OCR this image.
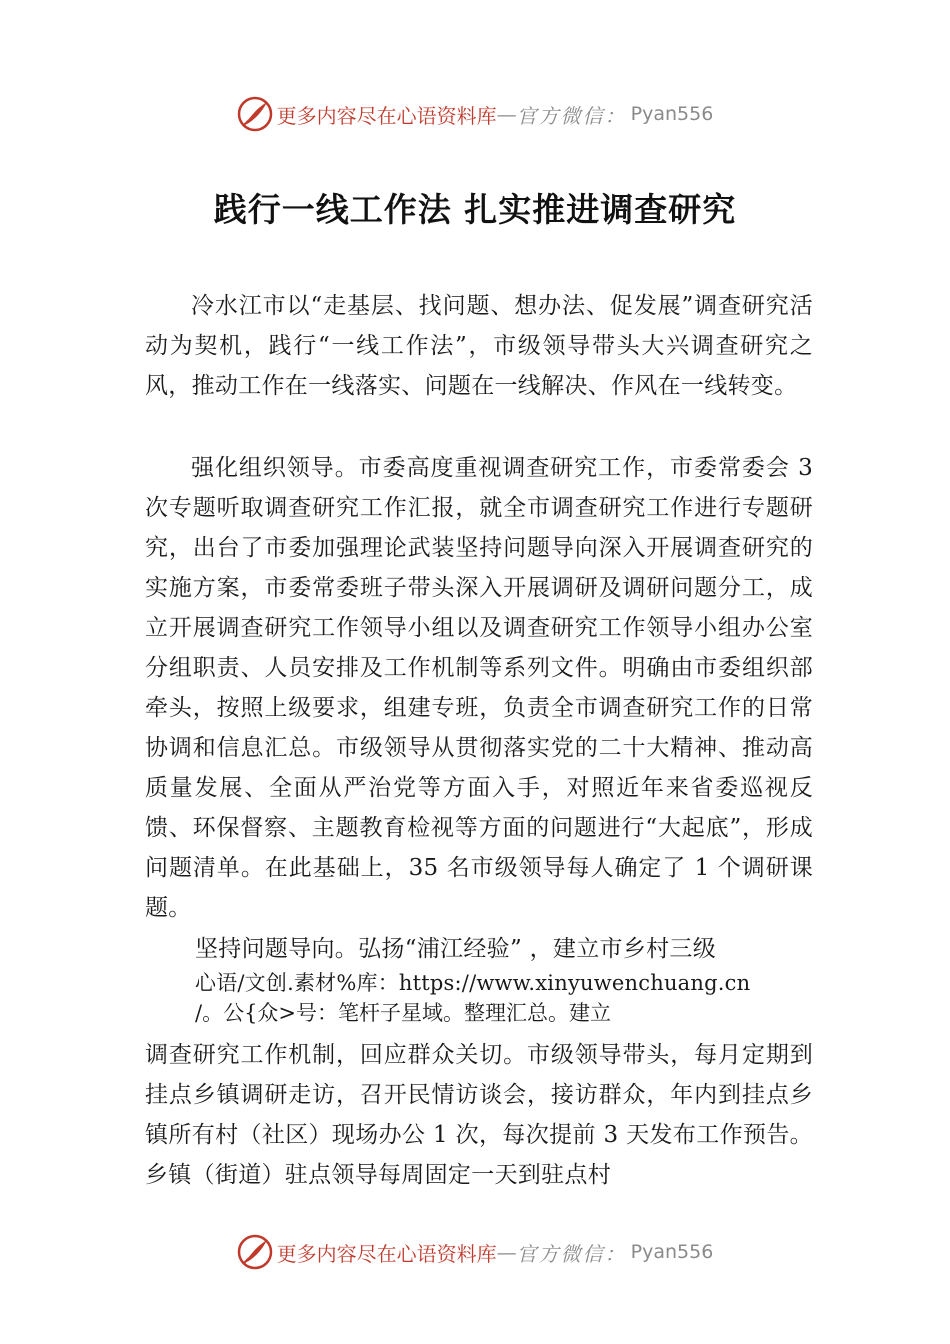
更多内容尽在心语资料库 — 官方微信： Pyan556
践行一线工作法 扎实推进调查研究

冷水江市以“走基层、找问题、想办法、促发展”调查研究活动为契机，践行“一线工作法”，市级领导带头大兴调查研究之风，推动工作在一线落实、问题在一线解决、作风在一线转变。

强化组织领导。市委高度重视调查研究工作，市委常委会 3 次专题听取调查研究工作汇报，就全市调查研究工作进行专题研究，出台了市委加强理论武装坚持问题导向深入开展调查研究的实施方案，市委常委班子带头深入开展调研及调研问题分工，成立开展调查研究工作领导小组以及调查研究工作领导小组办公室分组职责、人员安排及工作机制等系列文件。明确由市委组织部牵头，按照上级要求，组建专班，负责全市调查研究工作的日常协调和信息汇总。市级领导从贯彻落实党的二十大精神、推动高质量发展、全面从严治党等方面入手，对照近年来省委巡视反馈、环保督察、主题教育检视等方面的问题进行“大起底”，形成问题清单。在此基础上，35 名市级领导每人确定了 1 个调研课题。

坚持问题导向。弘扬“浦江经验” ，建立市乡村三级

心语/文创.素材%库：https://www.xinyuwenchuang.cn
/。公{众>号：笔杆子星域。整理汇总。建立

调查研究工作机制，回应群众关切。市级领导带头，每月定期到挂点乡镇调研走访，召开民情访谈会，接访群众，年内到挂点乡镇所有村（社区）现场办公 1 次，每次提前 3 天发布工作预告。乡镇（街道）驻点领导每周固定一天到驻点村

更多内容尽在心语资料库 — 官方微信： Pyan556
